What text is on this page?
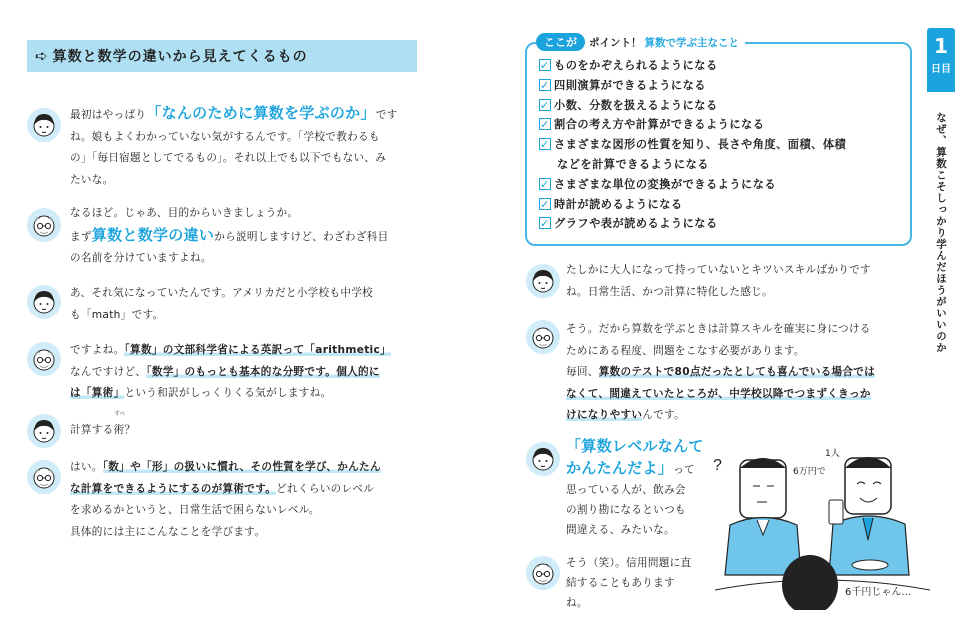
➪ 算数と数学の違いから見えてくるもの
最初はやっぱり「なんのために算数を学ぶのか」です
ね。娘もよくわかっていない気がするんです。「学校で教わるも
の」「毎日宿題としてでるもの」。それ以上でも以下でもない、み
たいな。
なるほど。じゃあ、目的からいきましょうか。
まず算数と数学の違いから説明しますけど、わざわざ科目
の名前を分けていますよね。
あ、それ気になっていたんです。アメリカだと小学校も中学校
も「math」です。
ですよね。「算数」の文部科学省による英訳って「arithmetic」
なんですけど、「数学」のもっとも基本的な分野です。個人的に
は「算術」という和訳がしっくりくる気がしますね。
計算する
すべ
術？
はい。「数」や「形」の扱いに慣れ、その性質を学び、かんたん
な計算をできるようにするのが算術です。どれくらいのレベル
を求めるかというと、日常生活で困らないレベル。
具体的には主にこんなことを学びます。
ここが	ポイント！ 算数で学ぶ主なこと
✓ものをかぞえられるようになる
✓四則演算ができるようになる
✓小数、分数を扱えるようになる
✓割合の考え方や計算ができるようになる
✓さまざまな図形の性質を知り、長さや角度、面積、体積
などを計算できるようになる
✓さまざまな単位の変換ができるようになる
✓時計が読めるようになる
✓グラフや表が読めるようになる
たしかに大人になって持っていないとキツいスキルばかりです
ね。日常生活、かつ計算に特化した感じ。
そう。だから算数を学ぶときは計算スキルを確実に身につける
ためにある程度、問題をこなす必要があります。
毎回、算数のテストで80点だったとしても喜んでいる場合では
なくて、間違えていたところが、中学校以降でつまずくきっか
けになりやすいんです。
「算数レベルなんて
かんたんだよ」って
思っている人が、飲み会
の割り勘になるといつも
間違える、みたいな。
そう（笑）。信用問題に直
結することもあります
ね。
?	6万円で
1人
6千円じゃん…
1
日目
なぜ、算数こそしっかり学んだほうがいいのか
